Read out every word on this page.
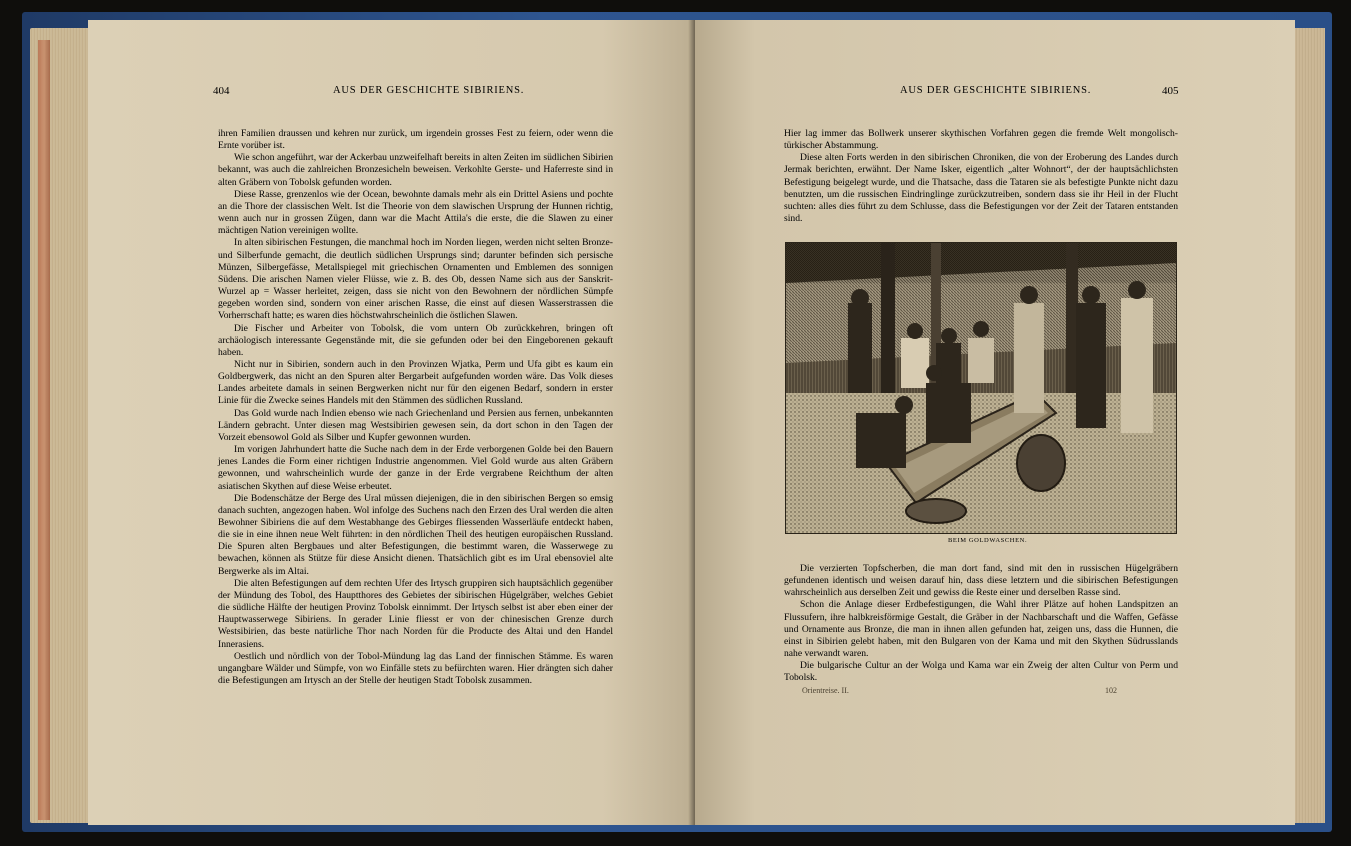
404	AUS DER GESCHICHTE SIBIRIENS.

ihren Familien draussen und kehren nur zurück, um irgendein grosses Fest zu feiern, oder wenn die Ernte vorüber ist.

Wie schon angeführt, war der Ackerbau unzweifelhaft bereits in alten Zeiten im südlichen Sibirien bekannt, was auch die zahlreichen Bronzesicheln beweisen. Verkohlte Gerste- und Haferreste sind in alten Gräbern von Tobolsk gefunden worden.

Diese Rasse, grenzenlos wie der Ocean, bewohnte damals mehr als ein Drittel Asiens und pochte an die Thore der classischen Welt. Ist die Theorie von dem slawischen Ursprung der Hunnen richtig, wenn auch nur in grossen Zügen, dann war die Macht Attila's die erste, die die Slawen zu einer mächtigen Nation vereinigen wollte.

In alten sibirischen Festungen, die manchmal hoch im Norden liegen, werden nicht selten Bronze- und Silberfunde gemacht, die deutlich südlichen Ursprungs sind; darunter befinden sich persische Münzen, Silbergefässe, Metallspiegel mit griechischen Ornamenten und Emblemen des sonnigen Südens. Die arischen Namen vieler Flüsse, wie z. B. des Ob, dessen Name sich aus der Sanskrit-Wurzel ap = Wasser herleitet, zeigen, dass sie nicht von den Bewohnern der nördlichen Sümpfe gegeben worden sind, sondern von einer arischen Rasse, die einst auf diesen Wasserstrassen die Vorherrschaft hatte; es waren dies höchstwahrscheinlich die östlichen Slawen.

Die Fischer und Arbeiter von Tobolsk, die vom untern Ob zurückkehren, bringen oft archäologisch interessante Gegenstände mit, die sie gefunden oder bei den Eingeborenen gekauft haben.

Nicht nur in Sibirien, sondern auch in den Provinzen Wjatka, Perm und Ufa gibt es kaum ein Goldbergwerk, das nicht an den Spuren alter Bergarbeit aufgefunden worden wäre. Das Volk dieses Landes arbeitete damals in seinen Bergwerken nicht nur für den eigenen Bedarf, sondern in erster Linie für die Zwecke seines Handels mit den Stämmen des südlichen Russland.

Das Gold wurde nach Indien ebenso wie nach Griechenland und Persien aus fernen, unbekannten Ländern gebracht. Unter diesen mag Westsibirien gewesen sein, da dort schon in den Tagen der Vorzeit ebensowol Gold als Silber und Kupfer gewonnen wurden.

Im vorigen Jahrhundert hatte die Suche nach dem in der Erde verborgenen Golde bei den Bauern jenes Landes die Form einer richtigen Industrie angenommen. Viel Gold wurde aus alten Gräbern gewonnen, und wahrscheinlich wurde der ganze in der Erde vergrabene Reichthum der alten asiatischen Skythen auf diese Weise erbeutet.

Die Bodenschätze der Berge des Ural müssen diejenigen, die in den sibirischen Bergen so emsig danach suchten, angezogen haben. Wol infolge des Suchens nach den Erzen des Ural werden die alten Bewohner Sibiriens die auf dem Westabhange des Gebirges fliessenden Wasserläufe entdeckt haben, die sie in eine ihnen neue Welt führten: in den nördlichen Theil des heutigen europäischen Russland. Die Spuren alten Bergbaues und alter Befestigungen, die bestimmt waren, die Wasserwege zu bewachen, können als Stütze für diese Ansicht dienen. Thatsächlich gibt es im Ural ebensoviel alte Bergwerke als im Altai.

Die alten Befestigungen auf dem rechten Ufer des Irtysch gruppiren sich hauptsächlich gegenüber der Mündung des Tobol, des Hauptthores des Gebietes der sibirischen Hügelgräber, welches Gebiet die südliche Hälfte der heutigen Provinz Tobolsk einnimmt. Der Irtysch selbst ist aber eben einer der Hauptwasserwege Sibiriens. In gerader Linie fliesst er von der chinesischen Grenze durch Westsibirien, das beste natürliche Thor nach Norden für die Producte des Altai und den Handel Innerasiens.

Oestlich und nördlich von der Tobol-Mündung lag das Land der finnischen Stämme. Es waren ungangbare Wälder und Sümpfe, von wo Einfälle stets zu befürchten waren. Hier drängten sich daher die Befestigungen am Irtysch an der Stelle der heutigen Stadt Tobolsk zusammen.

AUS DER GESCHICHTE SIBIRIENS.	405

Hier lag immer das Bollwerk unserer skythischen Vorfahren gegen die fremde Welt mongolisch-türkischer Abstammung.

Diese alten Forts werden in den sibirischen Chroniken, die von der Eroberung des Landes durch Jermak berichten, erwähnt. Der Name Isker, eigentlich „alter Wohnort“, der der hauptsächlichsten Befestigung beigelegt wurde, und die Thatsache, dass die Tataren sie als befestigte Punkte nicht dazu benutzten, um die russischen Eindringlinge zurückzutreiben, sondern dass sie ihr Heil in der Flucht suchten: alles dies führt zu dem Schlusse, dass die Befestigungen vor der Zeit der Tataren entstanden sind.

BEIM GOLDWASCHEN.

Die verzierten Topfscherben, die man dort fand, sind mit den in russischen Hügelgräbern gefundenen identisch und weisen darauf hin, dass diese letztern und die sibirischen Befestigungen wahrscheinlich aus derselben Zeit und gewiss die Reste einer und derselben Rasse sind.

Schon die Anlage dieser Erdbefestigungen, die Wahl ihrer Plätze auf hohen Landspitzen an Flussufern, ihre halbkreisförmige Gestalt, die Gräber in der Nachbarschaft und die Waffen, Gefässe und Ornamente aus Bronze, die man in ihnen allen gefunden hat, zeigen uns, dass die Hunnen, die einst in Sibirien gelebt haben, mit den Bulgaren von der Kama und mit den Skythen Südrusslands nahe verwandt waren.

Die bulgarische Cultur an der Wolga und Kama war ein Zweig der alten Cultur von Perm und Tobolsk.

Orientreise. II.	102
